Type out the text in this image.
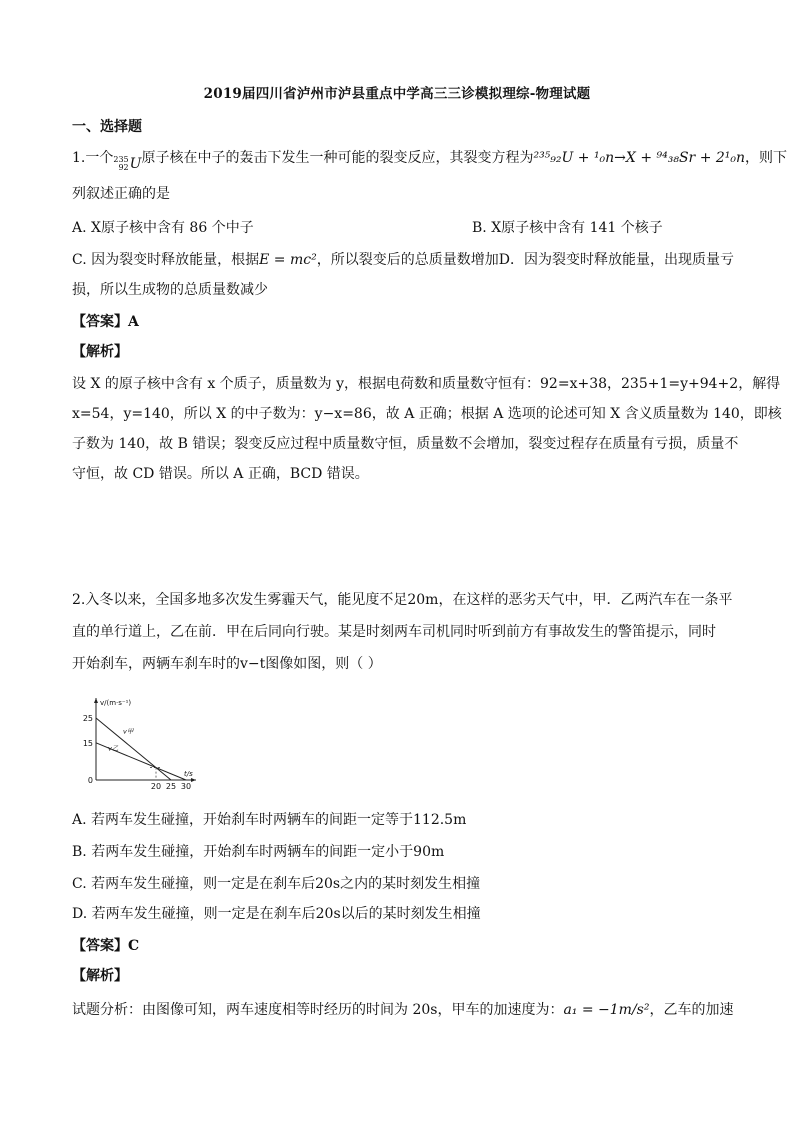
2019届四川省泸州市泸县重点中学高三三诊模拟理综-物理试题
一、选择题
1.一个 235
92 U 原子核在中子的轰击下发生一种可能的裂变反应，其裂变方程为²³⁵₉₂U + ¹₀n→X + ⁹⁴₃₈Sr + 2¹₀n，则下
列叙述正确的是
A. X原子核中含有 86 个中子	B. X原子核中含有 141 个核子
C. 因为裂变时释放能量，根据E = mc²，所以裂变后的总质量数增加D．因为裂变时释放能量，出现质量亏
损，所以生成物的总质量数减少
【答案】A
【解析】
设 X 的原子核中含有 x 个质子，质量数为 y，根据电荷数和质量数守恒有：92=x+38，235+1=y+94+2，解得
x=54，y=140，所以 X 的中子数为：y−x=86，故 A 正确；根据 A 选项的论述可知 X 含义质量数为 140，即核
子数为 140，故 B 错误；裂变反应过程中质量数守恒，质量数不会增加，裂变过程存在质量有亏损，质量不
守恒，故 CD 错误。所以 A 正确，BCD 错误。
2.入冬以来，全国多地多次发生雾霾天气，能见度不足20m，在这样的恶劣天气中，甲．乙两汽车在一条平
直的单行道上，乙在前．甲在后同向行驶。某是时刻两车司机同时听到前方有事故发生的警笛提示，同时
开始刹车，两辆车刹车时的v−t图像如图，则（ ）
v/(m·s⁻¹)
t/s
25
15
0
20 25 30
v甲
v乙
A. 若两车发生碰撞，开始刹车时两辆车的间距一定等于112.5m
B. 若两车发生碰撞，开始刹车时两辆车的间距一定小于90m
C. 若两车发生碰撞，则一定是在刹车后20s之内的某时刻发生相撞
D. 若两车发生碰撞，则一定是在刹车后20s以后的某时刻发生相撞
【答案】C
【解析】
试题分析：由图像可知，两车速度相等时经历的时间为 20s，甲车的加速度为：a₁ = −1m/s²，乙车的加速
